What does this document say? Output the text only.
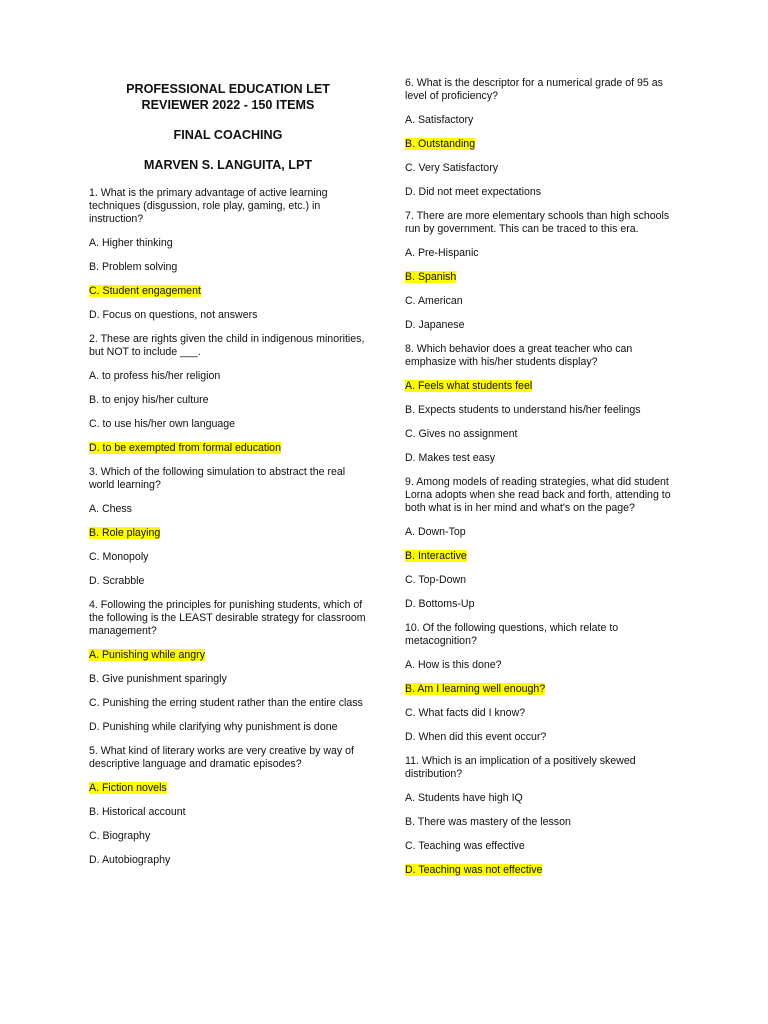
PROFESSIONAL EDUCATION LET
REVIEWER 2022 - 150 ITEMS
FINAL COACHING
MARVEN S. LANGUITA, LPT
1. What is the primary advantage of active learning techniques (disgussion, role play, gaming, etc.) in instruction?
A. Higher thinking
B. Problem solving
C. Student engagement
D. Focus on questions, not answers
2. These are rights given the child in indigenous minorities, but NOT to include ___.
A. to profess his/her religion
B. to enjoy his/her culture
C. to use his/her own language
D. to be exempted from formal education
3. Which of the following simulation to abstract the real world learning?
A. Chess
B. Role playing
C. Monopoly
D. Scrabble
4. Following the principles for punishing students, which of the following is the LEAST desirable strategy for classroom management?
A. Punishing while angry
B. Give punishment sparingly
C. Punishing the erring student rather than the entire class
D. Punishing while clarifying why punishment is done
5. What kind of literary works are very creative by way of descriptive language and dramatic episodes?
A. Fiction novels
B. Historical account
C. Biography
D. Autobiography
6. What is the descriptor for a numerical grade of 95 as level of proficiency?
A. Satisfactory
B. Outstanding
C. Very Satisfactory
D. Did not meet expectations
7. There are more elementary schools than high schools run by government. This can be traced to this era.
A. Pre-Hispanic
B. Spanish
C. American
D. Japanese
8. Which behavior does a great teacher who can emphasize with his/her students display?
A. Feels what students feel
B. Expects students to understand his/her feelings
C. Gives no assignment
D. Makes test easy
9. Among models of reading strategies, what did student Lorna adopts when she read back and forth, attending to both what is in her mind and what's on the page?
A. Down-Top
B. Interactive
C. Top-Down
D. Bottoms-Up
10. Of the following questions, which relate to metacognition?
A. How is this done?
B. Am I learning well enough?
C. What facts did I know?
D. When did this event occur?
11. Which is an implication of a positively skewed distribution?
A. Students have high IQ
B. There was mastery of the lesson
C. Teaching was effective
D. Teaching was not effective
